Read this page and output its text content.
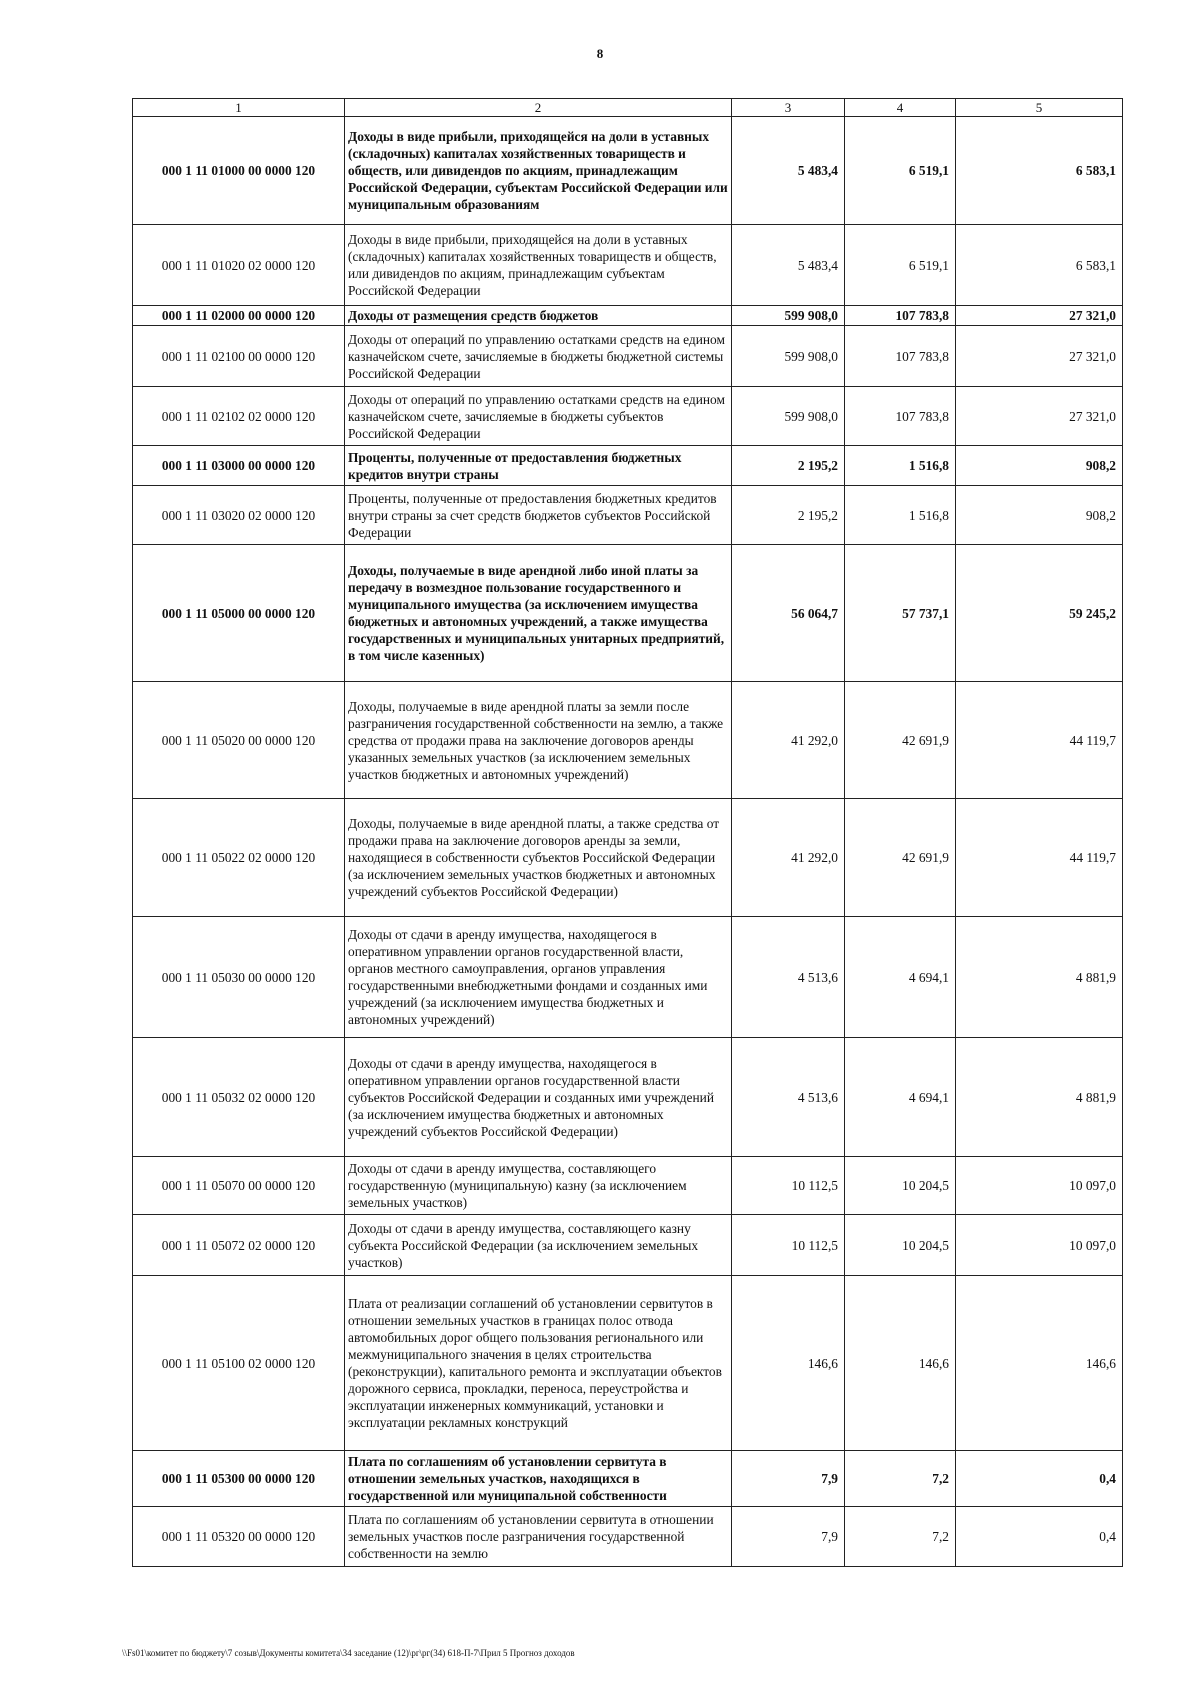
8
1	2	3	4	5
000 1 11 01000 00 0000 120	Доходы в виде прибыли, приходящейся на доли в уставных (складочных) капиталах хозяйственных товариществ и обществ, или дивидендов по акциям, принадлежащим Российской Федерации, субъектам Российской Федерации или муниципальным образованиям	5 483,4	6 519,1	6 583,1
000 1 11 01020 02 0000 120	Доходы в виде прибыли, приходящейся на доли в уставных (складочных) капиталах хозяйственных товариществ и обществ, или дивидендов по акциям, принадлежащим субъектам Российской Федерации	5 483,4	6 519,1	6 583,1
000 1 11 02000 00 0000 120	Доходы от размещения средств бюджетов	599 908,0	107 783,8	27 321,0
000 1 11 02100 00 0000 120	Доходы от операций по управлению остатками средств на едином казначейском счете, зачисляемые в бюджеты бюджетной системы Российской Федерации	599 908,0	107 783,8	27 321,0
000 1 11 02102 02 0000 120	Доходы от операций по управлению остатками средств на едином казначейском счете, зачисляемые в бюджеты субъектов Российской Федерации	599 908,0	107 783,8	27 321,0
000 1 11 03000 00 0000 120	Проценты, полученные от предоставления бюджетных кредитов внутри страны	2 195,2	1 516,8	908,2
000 1 11 03020 02 0000 120	Проценты, полученные от предоставления бюджетных кредитов внутри страны за счет средств бюджетов субъектов Российской Федерации	2 195,2	1 516,8	908,2
000 1 11 05000 00 0000 120	Доходы, получаемые в виде арендной либо иной платы за передачу в возмездное пользование государственного и муниципального имущества (за исключением имущества бюджетных и автономных учреждений, а также имущества государственных и муниципальных унитарных предприятий, в том числе казенных)	56 064,7	57 737,1	59 245,2
000 1 11 05020 00 0000 120	Доходы, получаемые в виде арендной платы за земли после разграничения государственной собственности на землю, а также средства от продажи права на заключение договоров аренды указанных земельных участков (за исключением земельных участков бюджетных и автономных учреждений)	41 292,0	42 691,9	44 119,7
000 1 11 05022 02 0000 120	Доходы, получаемые в виде арендной платы, а также средства от продажи права на заключение договоров аренды за земли, находящиеся в собственности субъектов Российской Федерации (за исключением земельных участков бюджетных и автономных учреждений субъектов Российской Федерации)	41 292,0	42 691,9	44 119,7
000 1 11 05030 00 0000 120	Доходы от сдачи в аренду имущества, находящегося в оперативном управлении органов государственной власти, органов местного самоуправления, органов управления государственными внебюджетными фондами и созданных ими учреждений (за исключением имущества бюджетных и автономных учреждений)	4 513,6	4 694,1	4 881,9
000 1 11 05032 02 0000 120	Доходы от сдачи в аренду имущества, находящегося в оперативном управлении органов государственной власти субъектов Российской Федерации и созданных ими учреждений (за исключением имущества бюджетных и автономных учреждений субъектов Российской Федерации)	4 513,6	4 694,1	4 881,9
000 1 11 05070 00 0000 120	Доходы от сдачи в аренду имущества, составляющего государственную (муниципальную) казну (за исключением земельных участков)	10 112,5	10 204,5	10 097,0
000 1 11 05072 02 0000 120	Доходы от сдачи в аренду имущества, составляющего казну субъекта Российской Федерации (за исключением земельных участков)	10 112,5	10 204,5	10 097,0
000 1 11 05100 02 0000 120	Плата от реализации соглашений об установлении сервитутов в отношении земельных участков в границах полос отвода автомобильных дорог общего пользования регионального или межмуниципального значения в целях строительства (реконструкции), капитального ремонта и эксплуатации объектов дорожного сервиса, прокладки, переноса, переустройства и эксплуатации инженерных коммуникаций, установки и эксплуатации рекламных конструкций	146,6	146,6	146,6
000 1 11 05300 00 0000 120	Плата по соглашениям об установлении сервитута в отношении земельных участков, находящихся в государственной или муниципальной собственности	7,9	7,2	0,4
000 1 11 05320 00 0000 120	Плата по соглашениям об установлении сервитута в отношении земельных участков после разграничения государственной собственности на землю	7,9	7,2	0,4
\\Fs01\комитет по бюджету\7 созыв\Документы комитета\34 заседание (12)\рг\рг(34) 618-П-7\Прил 5 Прогноз доходов
